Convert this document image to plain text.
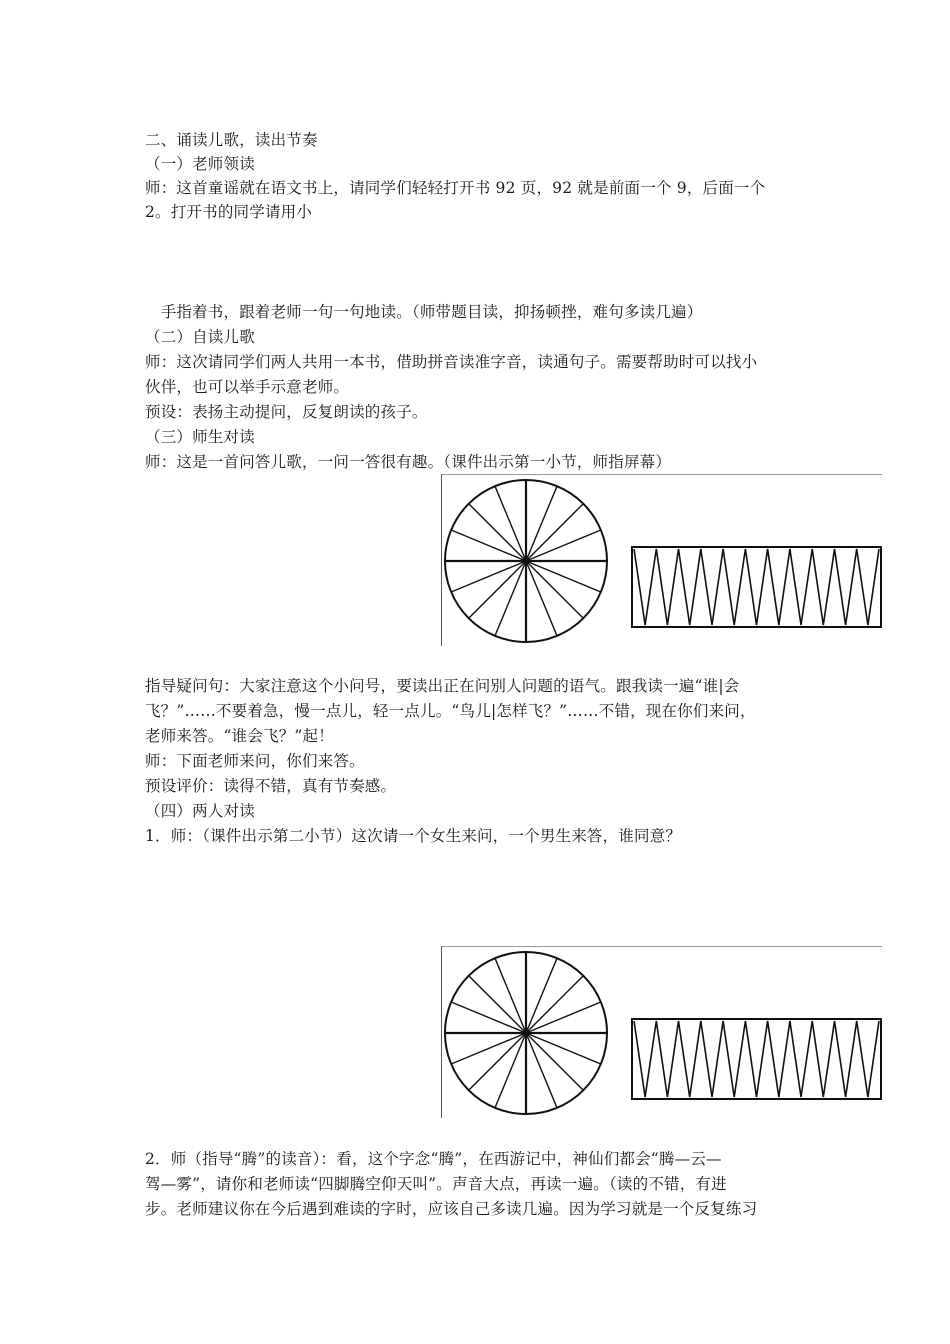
二、诵读儿歌，读出节奏
（一）老师领读
师：这首童谣就在语文书上，请同学们轻轻打开书 92 页，92 就是前面一个 9，后面一个
2。打开书的同学请用小
　手指着书，跟着老师一句一句地读。（师带题目读，抑扬顿挫，难句多读几遍）
（二）自读儿歌
师：这次请同学们两人共用一本书，借助拼音读准字音，读通句子。需要帮助时可以找小
伙伴，也可以举手示意老师。
预设：表扬主动提问，反复朗读的孩子。
（三）师生对读
师：这是一首问答儿歌，一问一答很有趣。（课件出示第一小节，师指屏幕）
指导疑问句：大家注意这个小问号，要读出正在问别人问题的语气。跟我读一遍“谁|会
飞？”……不要着急，慢一点儿，轻一点儿。“鸟儿|怎样飞？”……不错，现在你们来问，
老师来答。“谁会飞？”起！
师：下面老师来问，你们来答。
预设评价：读得不错，真有节奏感。
（四）两人对读
1．师：（课件出示第二小节）这次请一个女生来问，一个男生来答，谁同意？
2．师（指导“腾”的读音）：看，这个字念“腾”，在西游记中，神仙们都会“腾—云—
驾—雾”，请你和老师读“四脚腾空仰天叫”。声音大点，再读一遍。（读的不错，有进
步。老师建议你在今后遇到难读的字时，应该自己多读几遍。因为学习就是一个反复练习
